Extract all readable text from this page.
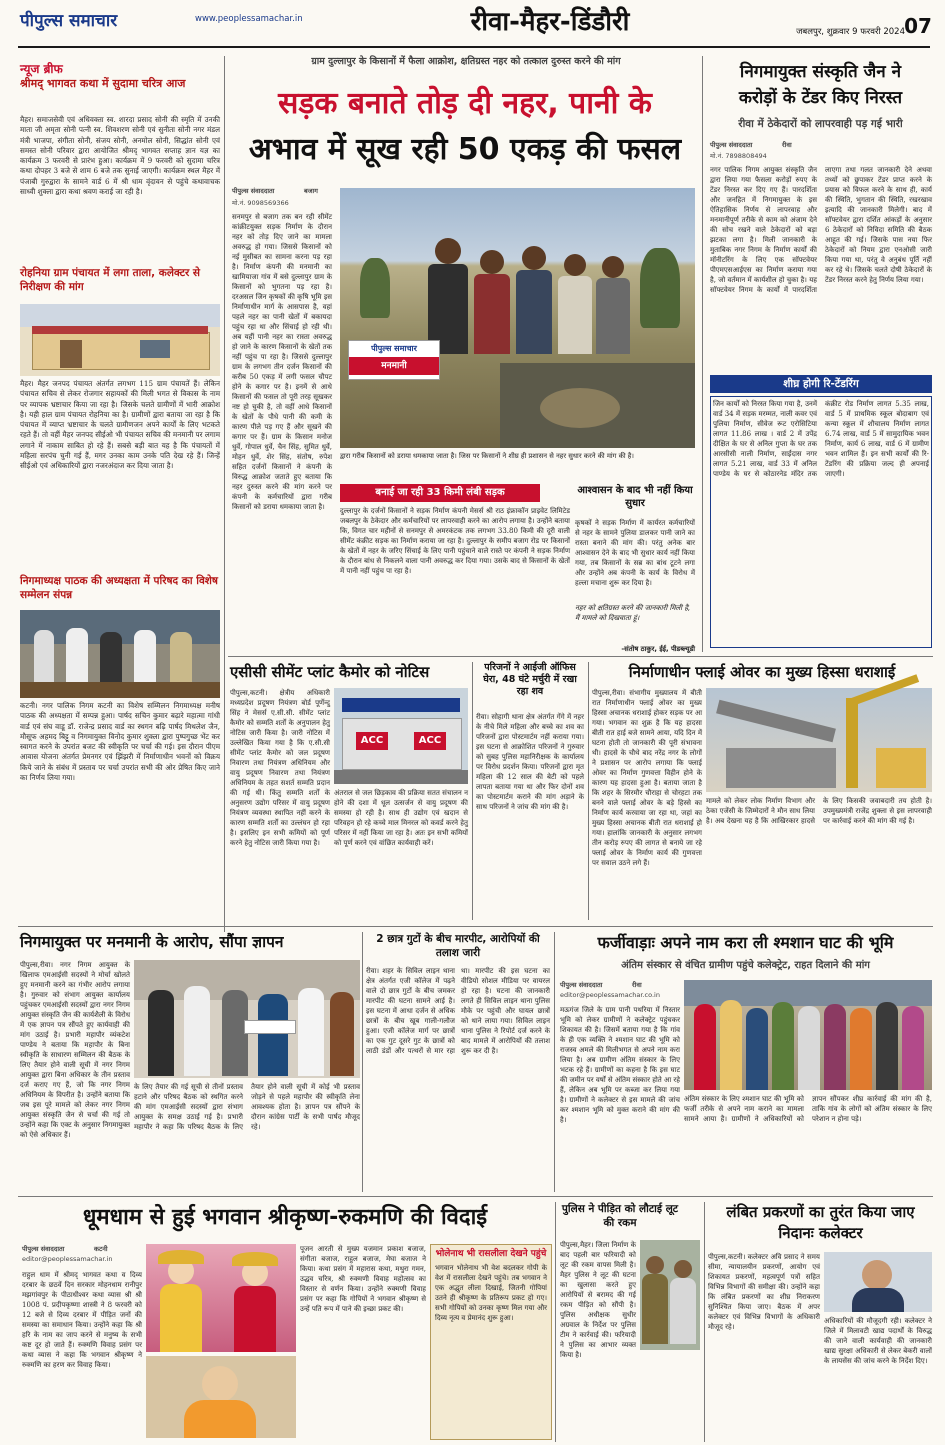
पीपुल्स समाचार	www.peoplessamachar.in	रीवा-मैहर-डिंडौरी	जबलपुर, शुक्रवार 9 फरवरी 2024 07
न्यूज ब्रीफ
श्रीमद् भागवत कथा में सुदामा चरित्र आज
मैहर। समाजसेवी एवं अधिवक्ता स्व. शारदा प्रसाद सोनी की स्मृति में उनकी माता जी अमृता सोनी पत्नी स्व. शिवशरण सोनी एवं सुनीता सोनी नगर मंडल मंत्री भाजपा, संगीता सोनी, संजय सोनी, अनमोल सोनी, सिद्धांत सोनी एवं समस्त सोनी परिवार द्वारा आयोजित श्रीमद् भागवत सप्ताह ज्ञान यज्ञ का कार्यक्रम 3 फरवरी से प्रारंभ हुआ। कार्यक्रम में 9 फरवरी को सुदामा चरित्र कथा दोपहर 3 बजे से शाम 6 बजे तक सुनाई जाएगी। कार्यक्रम स्थल मैहर में पंजाबी गुरुद्वारा के सामने वार्ड 6 में श्री धाम वृंदावन से पहुंचे कथावाचक साध्वी शुक्ला द्वारा कथा श्रवण कराई जा रही है।
रोहनिया ग्राम पंचायत में लगा ताला, कलेक्टर से निरीक्षण की मांग
मैहर। मैहर जनपद पंचायत अंतर्गत लगभग 115 ग्राम पंचायतें हैं। लेकिन पंचायत सचिव से लेकर रोजगार सहायकों की मिली भगत से विकास के नाम पर व्यापक भ्रष्टाचार किया जा रहा है। जिसके चलते ग्रामीणों में भारी आक्रोश है। यही हाल ग्राम पंचायत रोहनिया का है। ग्रामीणों द्वारा बताया जा रहा है कि पंचायत में व्याप्त भ्रष्टाचार के चलते ग्रामीणजन अपने कार्यों के लिए भटकते रहते हैं। तो वहीं मैहर जनपद सीईओ भी पंचायत सचिव की मनमानी पर लगाम लगाने में नाकाम साबित हो रहे हैं। सबसे बड़ी बात यह है कि पंचायतों में महिला सरपंच चुनी गई हैं, मगर उनका काम उनके पति देख रहे हैं। जिन्हें सीईओ एवं अधिकारियों द्वारा नजरअंदाज कर दिया जाता है।
निगमाध्यक्ष पाठक की अध्यक्षता में परिषद का विशेष सम्मेलन संपन्न
कटनी। नगर पालिक निगम कटनी का विशेष सम्मिलन निगमाध्यक्ष मनीष पाठक की अध्यक्षता में सम्पन्न हुआ। पार्षद सचिन कुमार बढ़ारे महात्मा गांधी वार्ड एवं संघ वाडू डॉ. राजेन्द्र प्रसाद वार्ड का स्थगन बढ़ि पार्षद मिथलेश जैन, मौसूफ अहमद बिट्टू व निगमायुक्त विनोद कुमार शुक्ला द्वारा पुष्पगुच्छ भेंट कर स्वागत करने के उपरांत बजट की स्वीकृति पर चर्चा की गई। इस दौरान पीएम आवास योजना अंतर्गत प्रेमनगर एवं झिंझरी में निर्माणाधीन भवनों को विक्रय किये जाने के संबंध में प्रस्ताव पर चर्चा उपरांत सभी की ओर प्रेषित किए जाने का निर्णय लिया गया।
ग्राम दुल्लापुर के किसानों में फैला आक्रोश, क्षतिग्रस्त नहर को तत्काल दुरुस्त करने की मांग
सड़क बनाते तोड़ दी नहर, पानी के
अभाव में सूख रही 50 एकड़ की फसल
पीपुल्स संवाददाता	बजाग
मो.नं. 9098569366
सनमपुर से बजाग तक बन रही सीमेंट कांक्रीटयुक्त सड़क निर्माण के दौरान नहर को तोड़ दिए जाने का मामला अवरुद्ध हो गया। जिससे किसानों को नई मुसीबत का सामना करना पड़ रहा है। निर्माण कंपनी की मनमानी का खामियाजा गांव में बसे दुल्लापुर ग्राम के किसानों को भुगतना पड़ रहा है। दरअसल जिन कृषकों की कृषि भूमि इस निर्माणाधीन मार्ग के आसपास है, वहां पहले नहर का पानी खेतों में बकायदा पहुंच रहा था और सिंचाई हो रही थी। अब यहीं पानी नहर का रास्ता अवरुद्ध हो जाने के कारण किसानों के खेतों तक नहीं पहुंच पा रहा है। जिससे दुल्लापुर ग्राम के लगभग तीन दर्जन किसानों की करीब 50 एकड़ में लगी फसल चौपट होने के कगार पर है। इनमें से आधे किसानों की फसल तो पूरी तरह सूखकर नष्ट हो चुकी है, तो वहीं आधे किसानों के खेतों के पौधे पानी की कमी के कारण पीले पड़ गए हैं और सूखने की कगार पर हैं। ग्राम के किसान मनोज धुर्वे, गोपाल धुर्वे, चैन सिंह, सुमित धुर्वे, मोहन धुर्वे, शेर सिंह, संतोष, रुपेश सहित दर्जनों किसानों ने कंपनी के विरुद्ध आक्रोश जताते हुए बताया कि नहर दुरुस्त करने की मांग करने पर कंपनी के कर्मचारियों द्वारा गरीब किसानों को डराया धमकाया जाता है।
पीपुल्स समाचार
मनमानी
द्वारा गरीब किसानों को डराया धमकाया जाता है। जिस पर किसानों ने शीघ्र ही प्रशासन से नहर सुधार करने की मांग की है।
बनाई जा रही 33 किमी लंबी सड़क
दुल्लापुर के दर्जनों किसानों ने सड़क निर्माण कंपनी मेसर्स श्री राठ इंफ्राकॉन प्राइवेट लिमिटेड जबलपुर के ठेकेदार और कर्मचारियों पर लापरवाही करने का आरोप लगाया है। उन्होंने बताया कि, विगत चार महीनों से सनमपुर से अमरकंटक तक लगभग 33.80 किमी की दूरी वाली सीमेंट कंक्रीट सड़क का निर्माण कराया जा रहा है। दुल्लापुर के समीप बजाग रोड पर किसानों के खेतों में नहर के जरिए सिंचाई के लिए पानी पहुंचाने वाले रास्ते पर कंपनी ने सड़क निर्माण के दौरान बांध से निकलने वाला पानी अवरुद्ध कर दिया गया। उसके बाद से किसानों के खेतों में पानी नहीं पहुंच पा रहा है।
आश्वासन के बाद भी नहीं किया सुधार
कृषकों ने सड़क निर्माण में कार्यरत कर्मचारियों से नहर के सामने पुलिया डालकर पानी जाने का रास्ता बनाने की मांग की। परंतु अनेक बार आश्वासन देने के बाद भी सुधार कार्य नहीं किया गया, तब किसानों के सब्र का बांध टूटने लगा और उन्होंने अब कंपनी के कार्य के विरोध में हल्ला मचाना शुरू कर दिया है।
नहर को क्षतिग्रस्त करने की जानकारी मिली है, मैं मामले को दिखवाता हूं।
-संतोष ठाकुर, ईई, पीडब्ल्यूडी
निगमायुक्त संस्कृति जैन ने
करोड़ों के टेंडर किए निरस्त
रीवा में ठेकेदारों को लापरवाही पड़ गई भारी
पीपुल्स संवाददाता	रीवा
मो.नं. 7898808494
नगर पालिक निगम आयुक्त संस्कृति जैन द्वारा लिया गया फैसला करोड़ों रुपए के टेंडर निरस्त कर दिए गए हैं। पारदर्शिता और जनहित में निगमायुक्त के इस ऐतिहासिक निर्णय से लापरवाह और मनमानीपूर्ण तरीके से काम को अंजाम देने की सोच रखने वाले ठेकेदारों को बड़ा झटका लगा है। मिली जानकारी के मुताबिक नगर निगम के निर्माण कार्यों की मॉनीटरिंग के लिए एक सॉफ्टवेयर पीएमएसआईएस का निर्माण कराया गया है, जो वर्तमान में कार्यशील हो चुका है। यह सॉफ्टवेयर निगम के कार्यों में पारदर्शिता लाएगा तथा गलत जानकारी देने अथवा तथ्यों को छुपाकर टेंडर प्राप्त करने के प्रयास को विफल करने के साथ ही, कार्य की स्थिति, भुगतान की स्थिति, रखरखाव इत्यादि की जानकारी मिलेगी। बाद में सॉफ्टवेयर द्वारा दर्शित आंकड़ों के अनुसार 6 ठेकेदारों को निविदा समिति की बैठक आहूत की गई। जिसके पास नया फिर ठेकेदारों को नियम द्वारा एनओसी जारी किया गया था, परंतु वे अनुबंध पूर्ति नहीं कर रहे थे। जिसके चलते दोषी ठेकेदारों के टेंडर निरस्त करने हेतु निर्णय लिया गया।
शीघ्र होगी रि-टेंडरिंग
जिन कार्यों को निरस्त किया गया है, उनमें वार्ड 34 में सड़क मरम्मत, नाली कवर एवं पुलिया निर्माण, सीवेज रूट एरोसिटिया लागत 11.86 लाख । वार्ड 2 में उपेंद्र दीक्षित के घर से अनिल गुप्ता के घर तक आरसीसी नाली निर्माण, साईंदास नगर लागत 5.21 लाख, वार्ड 33 में अनिल पाण्डेय के घर से कोठारनेड मंदिर तक कंक्रीट रोड निर्माण लागत 5.35 लाख, वार्ड 5 में प्राथमिक स्कूल बोदाबाग एवं कन्या स्कूल में शौचालय निर्माण लागत 6.74 लाख, वार्ड 5 में सामुदायिक भवन निर्माण, कार्य 6 लाख, वार्ड 6 में ग्रामीण भवन शामिल हैं। इन सभी कार्यों की रि-टेंडरिंग की प्रक्रिया जल्द ही अपनाई जाएगी।
एसीसी सीमेंट प्लांट कैमोर को नोटिस
पीपुल्स,कटनी। क्षेत्रीय अधिकारी मध्यप्रदेश प्रदूषण नियंत्रण बोर्ड पूर्णेन्दु सिंह ने मेसर्स ए.सी.सी. सीमेंट प्लांट कैमोर को सम्मति शर्तों के अनुपालन हेतु नोटिस जारी किया है। जारी नोटिस में उल्लेखित किया गया है कि ए.सी.सी सीमेंट प्लांट कैमोर को जल प्रदूषण निवारण तथा नियंत्रण अधिनियम और वायु प्रदूषण निवारण तथा नियंत्रण अधिनियम के तहत सशर्त सम्मति प्रदान की गई थी। किंतु सम्मति शर्तों के अनुसरण उद्योग परिसर में वायु प्रदूषण नियंत्रण व्यवस्था स्थापित नहीं करने के कारण सम्मति शर्तों का उल्लंघन हो रहा है। इसलिए इन सभी कमियों को पूर्ण करने हेतु नोटिस जारी किया गया है।
ACC	ACC
अंतराल से जल छिड़काव की प्रक्रिया सतत संचालन न होने की दशा में धूल उत्सर्जन से वायु प्रदूषण की समस्या हो रही है। साथ ही उद्योग एवं खदान से परिवहन हो रहे कच्चे माल मिनरल को कवर्ड करने हेतु परिसर में नहीं किया जा रहा है। अतः इन सभी कमियों को पूर्ण करने एवं वांछित कार्यवाही करें।
परिजनों ने आईजी ऑफिस घेरा, 48 घंटे मर्चुरी में रखा रहा शव
रीवा। सोहागी थाना क्षेत्र अंतर्गत गेंगे में नहर के नीचे मिले महिला और बच्चे का शव का परिजनों द्वारा पोस्टमार्टम नहीं कराया गया। इस घटना से आक्रोशित परिजनों ने गुरुवार को सुबह पुलिस महानिरीक्षक के कार्यालय पर विरोध प्रदर्शन किया। परिजनों द्वारा मृत महिला की 12 साल की बेटी को पहले लापता बताया गया था और फिर दोनों शव का पोस्टमार्टम कराने की मांग अड़ाने के साथ परिजनों ने जांच की मांग की है।
निर्माणाधीन फ्लाई ओवर का मुख्य हिस्सा धराशाई
पीपुल्स,रीवा। संभागीय मुख्यालय में बीती रात निर्माणाधीन फ्लाई ओवर का मुख्य हिस्सा अचानक धराशाई होकर सड़क पर आ गया। भगवान का शुक्र है कि यह हादसा बीती रात हाई बजे सामने आया, यदि दिन में घटना होती तो जानकारी की पूरी संभावना थी। हादसे के चौथे बाद नरेंद्र नगर के लोगों ने प्रशासन पर आरोप लगाया कि फ्लाई ओवर का निर्माण गुणवत्ता विहीन होने के कारण यह हादसा हुआ है। बताया जाता है कि शहर के सिरमौर चौराहा से चोरहटा तक बनने वाले फ्लाई ओवर के बड़े हिस्से का निर्माण कार्य करवाया जा रहा था, जहां का मुख्य हिस्सा अचानक बीती रात धराशाई हो गया। हालांकि जानकारी के अनुसार लगभग तीन करोड़ रुपए की लागत से बनाये जा रहे फ्लाई ओवर के निर्माण कार्य की गुणवत्ता पर सवाल उठने लगे हैं।
मामले को लेकर लोक निर्माण विभाग और ठेका एजेंसी के जिम्मेदारों ने मौन साध लिया है। अब देखना यह है कि आखिरकार हादसे के लिए किसकी जवाबदारी तय होती है। उपमुख्यमंत्री राजेंद्र शुक्ला से इस लापरवाही पर कार्रवाई करने की मांग की गई है।
निगमायुक्त पर मनमानी के आरोप, सौंपा ज्ञापन
पीपुल्स,रीवा। नगर निगम आयुक्त के खिलाफ एमआईसी सदस्यों ने मोर्चा खोलते हुए मनमानी करने का गंभीर आरोप लगाया है। गुरुवार को संभाग आयुक्त कार्यालय पहुंचकर एमआईसी सदस्यों द्वारा नगर निगम आयुक्त संस्कृति जैन की कार्यशैली के विरोध में एक ज्ञापन पत्र सौंपते हुए कार्यवाही की मांग उठाई है। प्रभारी महापौर व्यंकटेश पाण्डेय ने बताया कि महापौर के बिना स्वीकृति के साधारण सम्मिलन की बैठक के लिए तैयार होने वाली सूची में नगर निगम आयुक्त द्वारा बिना अधिकार के तीन प्रस्ताव दर्ज कराए गए हैं, जो कि नगर निगम अधिनियम के विपरीत है। उन्होंने बताया कि जब इस पूरे मामले को लेकर नगर निगम आयुक्त संस्कृति जैन से चर्चा की गई तो उन्होंने कहा कि एक्ट के अनुसार निगमायुक्त को ऐसे अधिकार हैं।
के लिए तैयार की गई सूची से तीनों प्रस्ताव हटाने और परिषद बैठक को स्थगित करने की मांग एमआईसी सदस्यों द्वारा संभाग आयुक्त के समक्ष उठाई गई है। प्रभारी महापौर ने कहा कि परिषद बैठक के लिए तैयार होने वाली सूची में कोई भी प्रस्ताव जोड़ने से पहले महापौर की स्वीकृति लेना आवश्यक होता है। ज्ञापन पत्र सौंपने के दौरान कांग्रेस पार्टी के सभी पार्षद मौजूद रहे।
2 छात्र गुटों के बीच मारपीट, आरोपियों की तलाश जारी
रीवा। शहर के सिविल लाइन थाना क्षेत्र अंतर्गत एजी कॉलेज में पढ़ने वाले दो छात्र गुटों के बीच जमकर मारपीट की घटना सामने आई है। इस घटना में आधा दर्जन से अधिक छात्रों के बीच खूब गाली-गलौज हुआ। एजी कॉलेज मार्ग पर छात्रों का एक गुट दूसरे गुट के छात्रों को लाठी डंडों और पत्थरों से मार रहा था। मारपीट की इस घटना का वीडियो सोशल मीडिया पर वायरल हो रहा है। घटना की जानकारी लगते ही सिविल लाइन थाना पुलिस मौके पर पहुंची और घायल छात्रों को थाने लाया गया। सिविल लाइन थाना पुलिस ने रिपोर्ट दर्ज करने के बाद मामले में आरोपियों की तलाश शुरू कर दी है।
फर्जीवाड़ाः अपने नाम करा ली श्मशान घाट की भूमि
अंतिम संस्कार से वंचित ग्रामीण पहुंचे कलेक्ट्रेट, राहत दिलाने की मांग
पीपुल्स संवाददाता	रीवा
editor@peoplessamachar.co.in
मऊगंज जिले के ग्राम पानी पथरिया में निस्तार भूमि को लेकर ग्रामीणों ने कलेक्ट्रेट पहुंचकर शिकायत की है। जिसमें बताया गया है कि गांव के ही एक व्यक्ति ने श्मशान घाट की भूमि को राजस्व अमले की मिलीभगत से अपने नाम करा लिया है। अब ग्रामीण अंतिम संस्कार के लिए भटक रहे हैं। ग्रामीणों का कहना है कि इस घाट की जमीन पर वर्षों से अंतिम संस्कार होते आ रहे हैं, लेकिन अब भूमि पर कब्जा कर लिया गया है। ग्रामीणों ने कलेक्टर से इस मामले की जांच कर श्मशान भूमि को मुक्त कराने की मांग की है।
अंतिम संस्कार के लिए श्मशान घाट की भूमि को फर्जी तरीके से अपने नाम कराने का मामला सामने आया है। ग्रामीणों ने अधिकारियों को ज्ञापन सौंपकर शीघ्र कार्रवाई की मांग की है, ताकि गांव के लोगों को अंतिम संस्कार के लिए परेशान न होना पड़े।
धूमधाम से हुई भगवान श्रीकृष्ण-रुकमणि की विदाई
पीपुल्स संवाददाता	कटनी
editor@peoplessamachar.in
राहुल धाम में श्रीमद् भागवत कथा व दिव्य दरबार के छठवें दिन सरकार मोहनधाम रानीपुर मझगांवपुर के पीठाधीश्वर कथा व्यास श्री श्री 1008 पं. प्रदीपकृष्णा शास्त्री ने 8 फरवरी को 12 बजे से दिव्य दरबार में पीड़ित जनों की समस्या का समाधान किया। उन्होंने कहा कि श्री हरि के नाम का जाप करने से मनुष्य के सभी कष्ट दूर हो जाते हैं। रुक्मणि विवाह प्रसंग पर कथा व्यास ने कहा कि भगवान श्रीकृष्ण ने रुक्मणि का हरण कर विवाह किया।
पूजन आरती से मुख्य यजमान प्रकाश बजाज, संगीता बजाज, राहुल बजाज, मेघा बजाज ने किया। कथा प्रसंग में महारास कथा, मथुरा गमन, उद्धव चरित्र, श्री रुक्मणी विवाह महोत्सव का विस्तार से वर्णन किया। उन्होंने रुक्मणी विवाह प्रसंग पर कहा कि गोपियों ने भगवान श्रीकृष्ण से उन्हें पति रूप में पाने की इच्छा प्रकट की।
भोलेनाथ भी रासलीला देखने पहुंचे
भगवान भोलेनाथ भी वेश बदलकर गोपी के वेश में रासलीला देखने पहुंचे। तब भगवान ने एक अद्भुत लीला दिखाई, जितनी गोपियां उतने ही श्रीकृष्ण के प्रतिरूप प्रकट हो गए। सभी गोपियों को उनका कृष्ण मिल गया और दिव्य नृत्य व प्रेमानंद शुरू हुआ।
पुलिस ने पीड़ित को लौटाई लूट की रकम
पीपुल्स,मैहर। जिला निर्माण के बाद पहली बार फरियादी को लूट की रकम वापस मिली है। मैहर पुलिस ने लूट की घटना का खुलासा करते हुए आरोपियों से बरामद की गई रकम पीड़ित को सौंपी है। पुलिस अधीक्षक सुधीर अग्रवाल के निर्देश पर पुलिस टीम ने कार्रवाई की। फरियादी ने पुलिस का आभार व्यक्त किया है।
लंबित प्रकरणों का तुरंत किया जाए निदानः कलेक्टर
पीपुल्स,कटनी। कलेक्टर अवि प्रसाद ने समय सीमा, न्यायालयीन प्रकरणों, आयोग एवं शिकायत प्रकरणों, महत्वपूर्ण पत्रों सहित विभिन्न विभागों की समीक्षा की। उन्होंने कहा कि लंबित प्रकरणों का शीघ्र निराकरण सुनिश्चित किया जाए। बैठक में अपर कलेक्टर एवं विभिन्न विभागों के अधिकारी मौजूद रहे।
अधिकारियों की मौजूदगी रही। कलेक्टर ने जिले में मिलावटी खाद्य पदार्थों के विरुद्ध की जाने वाली कार्यवाही की जानकारी खाद्य सुरक्षा अधिकारी से लेकर बेकरी वालों के लायसेंस की जांच करने के निर्देश दिए।
